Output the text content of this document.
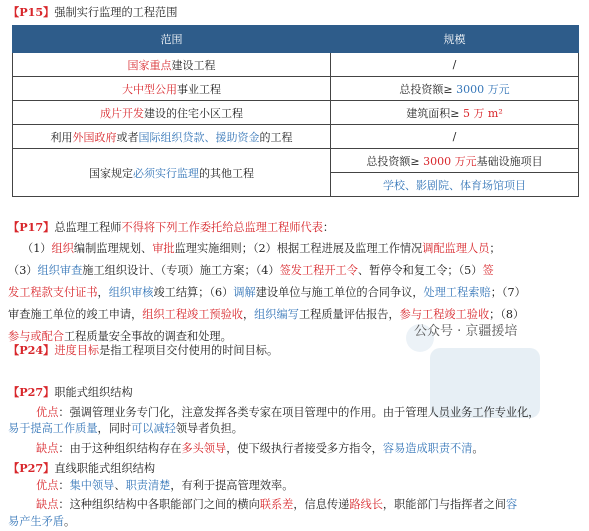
【P15】强制实行监理的工程范围
范围	规模
国家重点建设工程	/
大中型公用事业工程	总投资额≥ 3000 万元
成片开发建设的住宅小区工程	建筑面积≥ 5 万 m²
利用外国政府或者国际组织贷款、援助资金的工程	/
国家规定必须实行监理的其他工程	总投资额≥ 3000 万元基础设施项目
	学校、影剧院、体育场馆项目
【P17】总监理工程师不得将下列工作委托给总监理工程师代表：
（1）组织编制监理规划、审批监理实施细则；（2）根据工程进展及监理工作情况调配监理人员；
（3）组织审查施工组织设计、（专项）施工方案；（4）签发工程开工令、暂停令和复工令；（5）签
发工程款支付证书，组织审核竣工结算；（6）调解建设单位与施工单位的合同争议，处理工程索赔；（7）
审查施工单位的竣工申请，组织工程竣工预验收，组织编写工程质量评估报告，参与工程竣工验收；（8）
参与或配合工程质量安全事故的调查和处理。	公众号 · 京疆援培
【P24】进度目标是指工程项目交付使用的时间目标。
【P27】职能式组织结构
优点：强调管理业务专门化，注意发挥各类专家在项目管理中的作用。由于管理人员业务工作专业化，
易于提高工作质量，同时可以减轻领导者负担。
缺点：由于这种组织结构存在多头领导，使下级执行者接受多方指令，容易造成职责不清。
【P27】直线职能式组织结构
优点：集中领导、职责清楚，有利于提高管理效率。
缺点：这种组织结构中各职能部门之间的横向联系差，信息传递路线长，职能部门与指挥者之间容
易产生矛盾。
